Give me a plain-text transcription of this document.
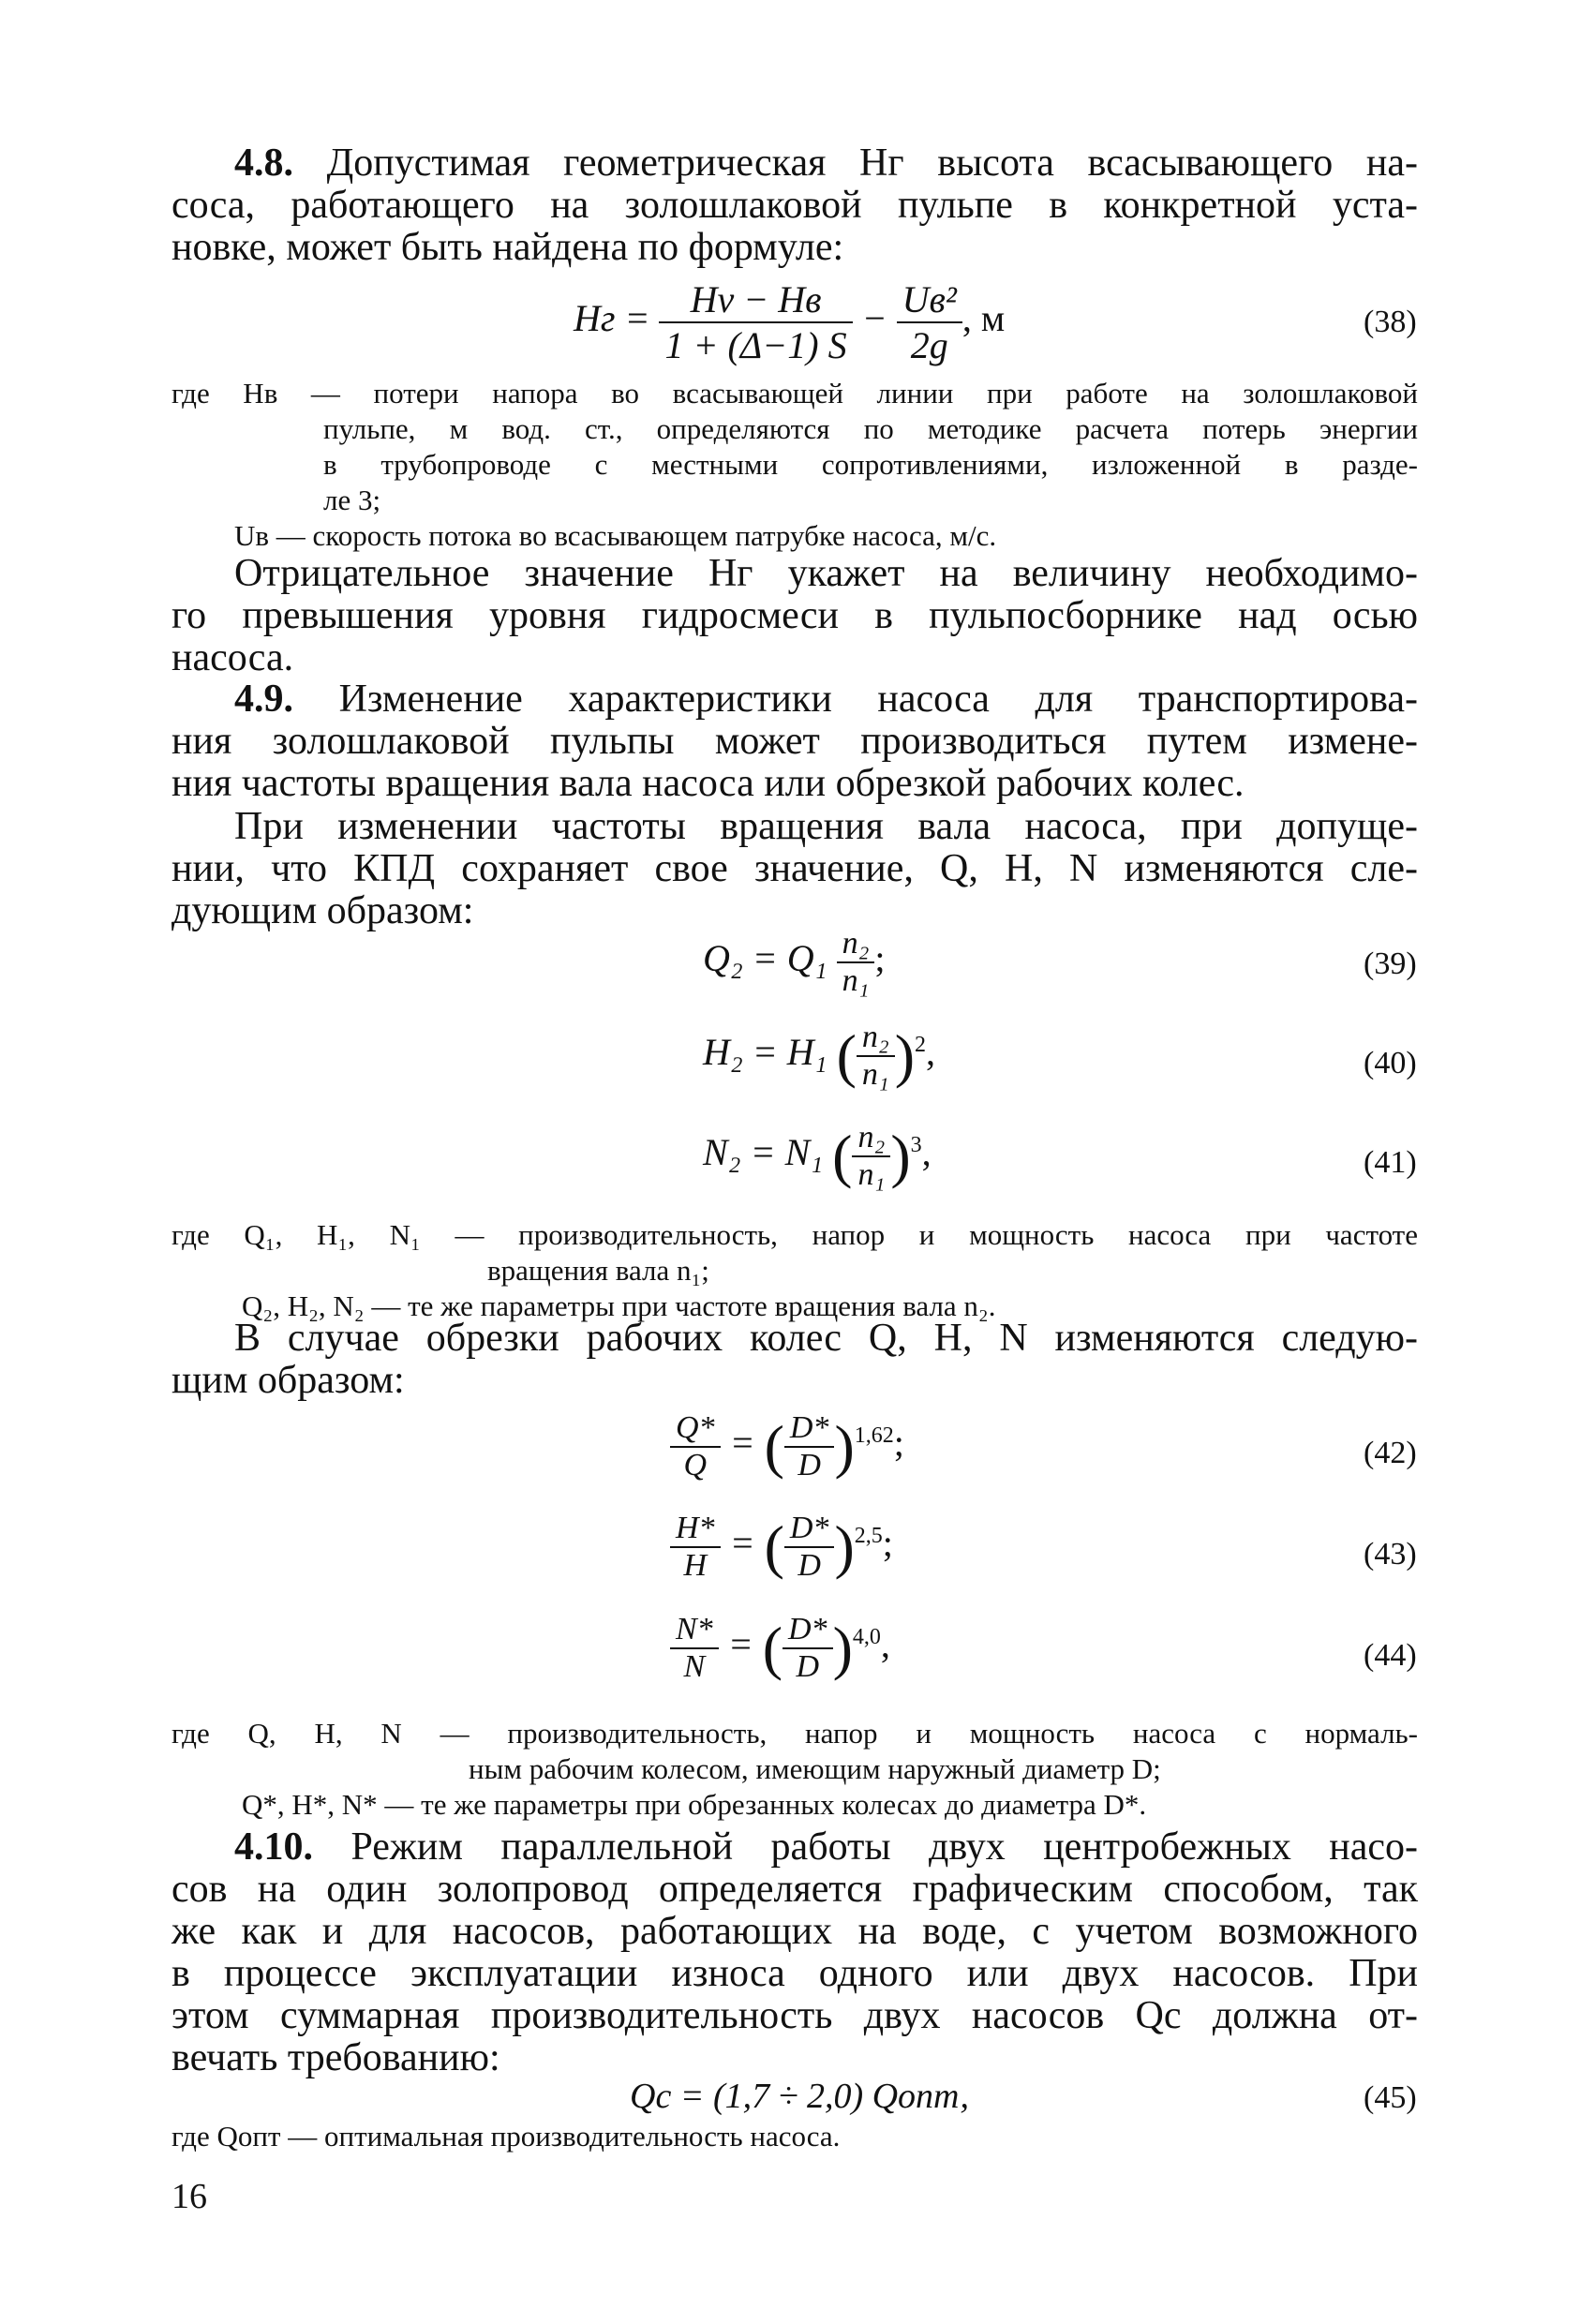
4.8. Допустимая геометрическая Hг высота всасывающего на-
соса, работающего на золошлаковой пульпе в конкретной уста-
новке, может быть найдена по формуле:
Hг = $\frac{Hv - Hв}{1 + (\Delta-1) S} - \frac{\text{Uв²}}{2g}$ , м	(38)
где Hв — потери напора во всасывающей линии при работе на золошлаковой
пульпе, м вод. ст., определяются по методике расчета потерь энергии
в трубопроводе с местными сопротивлениями, изложенной в разде-
ле 3;
Uв — скорость потока во всасывающем патрубке насоса, м/с.
Отрицательное значение Hг укажет на величину необходимо-
го превышения уровня гидросмеси в пульпосборнике над осью
насоса.
4.9. Изменение характеристики насоса для транспортирова-
ния золошлаковой пульпы может производиться путем измене-
ния частоты вращения вала насоса или обрезкой рабочих колес.
При изменении частоты вращения вала насоса, при допуще-
нии, что КПД сохраняет свое значение, Q, H, N изменяются сле-
дующим образом:
$Q_2 = Q_1 \frac{\text{n₂}}{\text{n₁}}$ ;	(39)
H₂ = H₁ ( $\frac{\text{n₂}}{\text{n₁}} )^2$,	(40)
N₂ = N₁ ( $\frac{\text{n₂}}{\text{n₁}} )^3$,	(41)
где Q₁, H₁, N₁ — производительность, напор и мощность насоса при частоте
вращения вала n₁;
Q₂, H₂, N₂ — те же параметры при частоте вращения вала n₂.
В случае обрезки рабочих колес Q, H, N изменяются следую-
щим образом:
$\frac{Q*}{Q}$ = ( $\frac{D*}{D} )^{1,62}$;	(42)
$\frac{H*}{H}$ = ( $\frac{D*}{D} )^{2,5}$;	(43)
$\frac{N*}{N}$ = ( $\frac{D*}{D} )^{4,0}$,	(44)
где Q, H, N — производительность, напор и мощность насоса с нормаль-
ным рабочим колесом, имеющим наружный диаметр D;
Q*, H*, N* — те же параметры при обрезанных колесах до диаметра D*.
4.10. Режим параллельной работы двух центробежных насо-
сов на один золопровод определяется графическим способом, так
же как и для насосов, работающих на воде, с учетом возможного
в процессе эксплуатации износа одного или двух насосов. При
этом суммарная производительность двух насосов Qс должна от-
вечать требованию:
Qс = (1,7 ÷ 2,0) Qопт,	(45)
где Qопт — оптимальная производительность насоса.
16
